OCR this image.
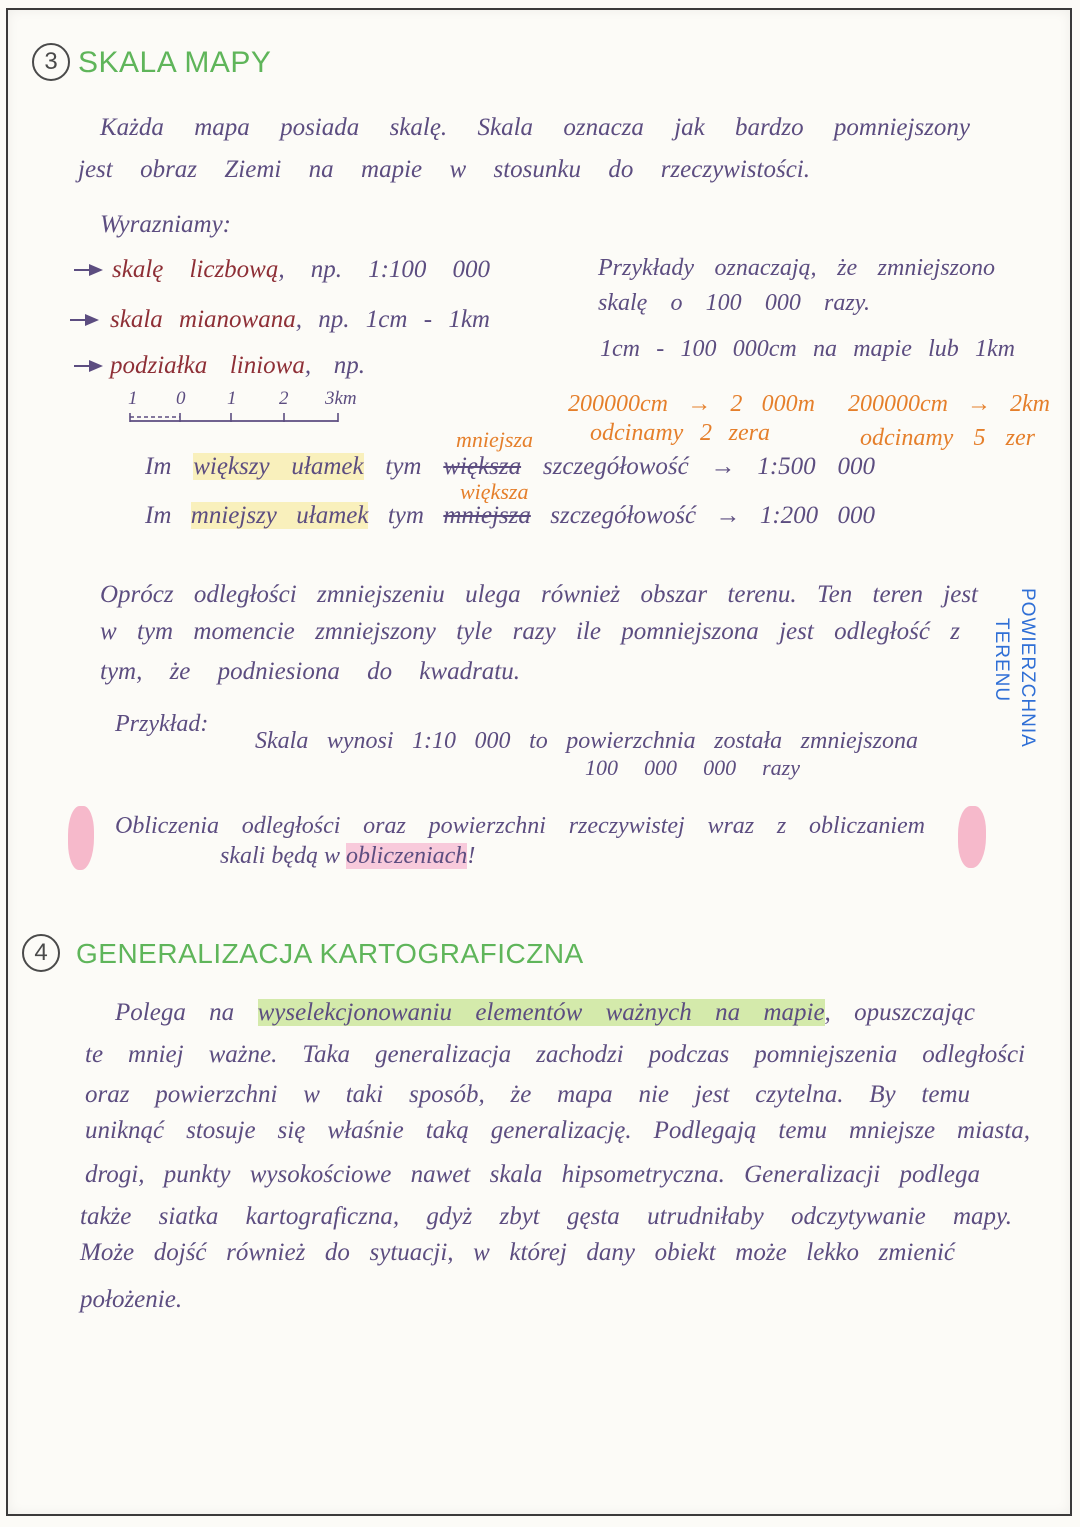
3 SKALA MAPY
Każda mapa posiada skalę. Skala oznacza jak bardzo pomniejszony
jest obraz Ziemi na mapie w stosunku do rzeczywistości.
Wyrazniamy:
skalę liczbową, np. 1:100 000
skala mianowana, np. 1cm - 1km
podziałka liniowa, np.
1 0 1 2 3km
Przykłady oznaczają, że zmniejszono
skalę o 100 000 razy.
1cm - 100 000cm na mapie lub 1km
200000cm → 2 000m 200000cm → 2km
odcinamy 2 zera	odcinamy 5 zer
mniejsza
Im większy ułamek tym większa szczegółowość → 1:500 000
większa
Im mniejszy ułamek tym mniejsza szczegółowość → 1:200 000
Oprócz odległości zmniejszeniu ulega również obszar terenu. Ten teren jest
w tym momencie zmniejszony tyle razy ile pomniejszona jest odległość z
tym, że podniesiona do kwadratu.	POWIERZCHNIA
TERENU
Przykład:
Skala wynosi 1:10 000 to powierzchnia została zmniejszona
100 000 000 razy
Obliczenia odległości oraz powierzchni rzeczywistej wraz z obliczaniem
skali będą w obliczeniach!
4	GENERALIZACJA KARTOGRAFICZNA
Polega na wyselekcjonowaniu elementów ważnych na mapie, opuszczając
te mniej ważne. Taka generalizacja zachodzi podczas pomniejszenia odległości
oraz powierzchni w taki sposób, że mapa nie jest czytelna. By temu
uniknąć stosuje się właśnie taką generalizację. Podlegają temu mniejsze miasta,
drogi, punkty wysokościowe nawet skala hipsometryczna. Generalizacji podlega
także siatka kartograficzna, gdyż zbyt gęsta utrudniłaby odczytywanie mapy.
Może dojść również do sytuacji, w której dany obiekt może lekko zmienić
położenie.
